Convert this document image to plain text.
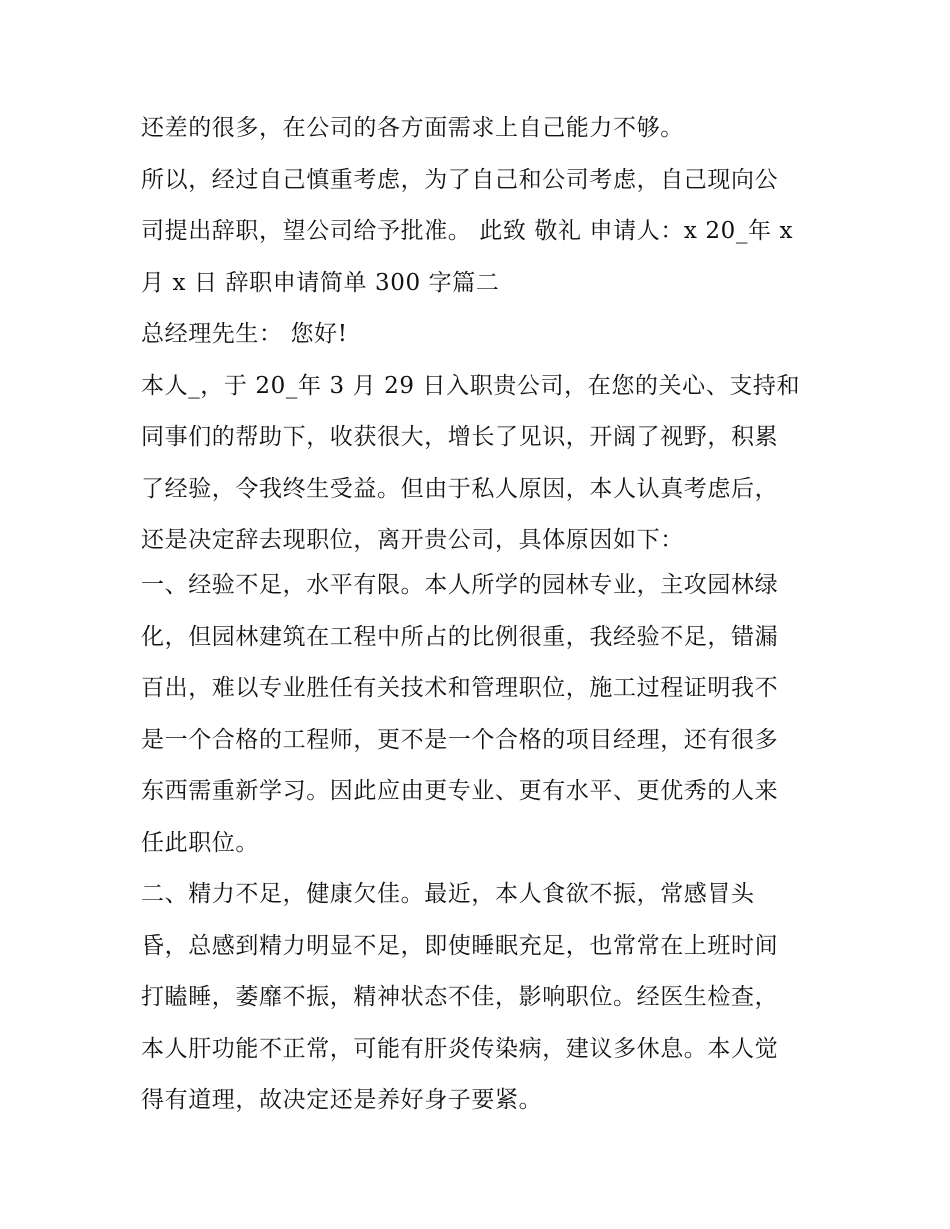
还差的很多，在公司的各方面需求上自己能力不够。
所以，经过自己慎重考虑，为了自己和公司考虑，自己现向公
司提出辞职，望公司给予批准。 此致 敬礼 申请人：x 20_年 x
月 x 日 辞职申请简单 300 字篇二
总经理先生： 您好!
本人_，于 20_年 3 月 29 日入职贵公司，在您的关心、支持和
同事们的帮助下，收获很大，增长了见识，开阔了视野，积累
了经验，令我终生受益。但由于私人原因，本人认真考虑后，
还是决定辞去现职位，离开贵公司，具体原因如下：
一、经验不足，水平有限。本人所学的园林专业，主攻园林绿
化，但园林建筑在工程中所占的比例很重，我经验不足，错漏
百出，难以专业胜任有关技术和管理职位，施工过程证明我不
是一个合格的工程师，更不是一个合格的项目经理，还有很多
东西需重新学习。因此应由更专业、更有水平、更优秀的人来
任此职位。
二、精力不足，健康欠佳。最近，本人食欲不振，常感冒头
昏，总感到精力明显不足，即使睡眠充足，也常常在上班时间
打瞌睡，萎靡不振，精神状态不佳，影响职位。经医生检查，
本人肝功能不正常，可能有肝炎传染病，建议多休息。本人觉
得有道理，故决定还是养好身子要紧。
